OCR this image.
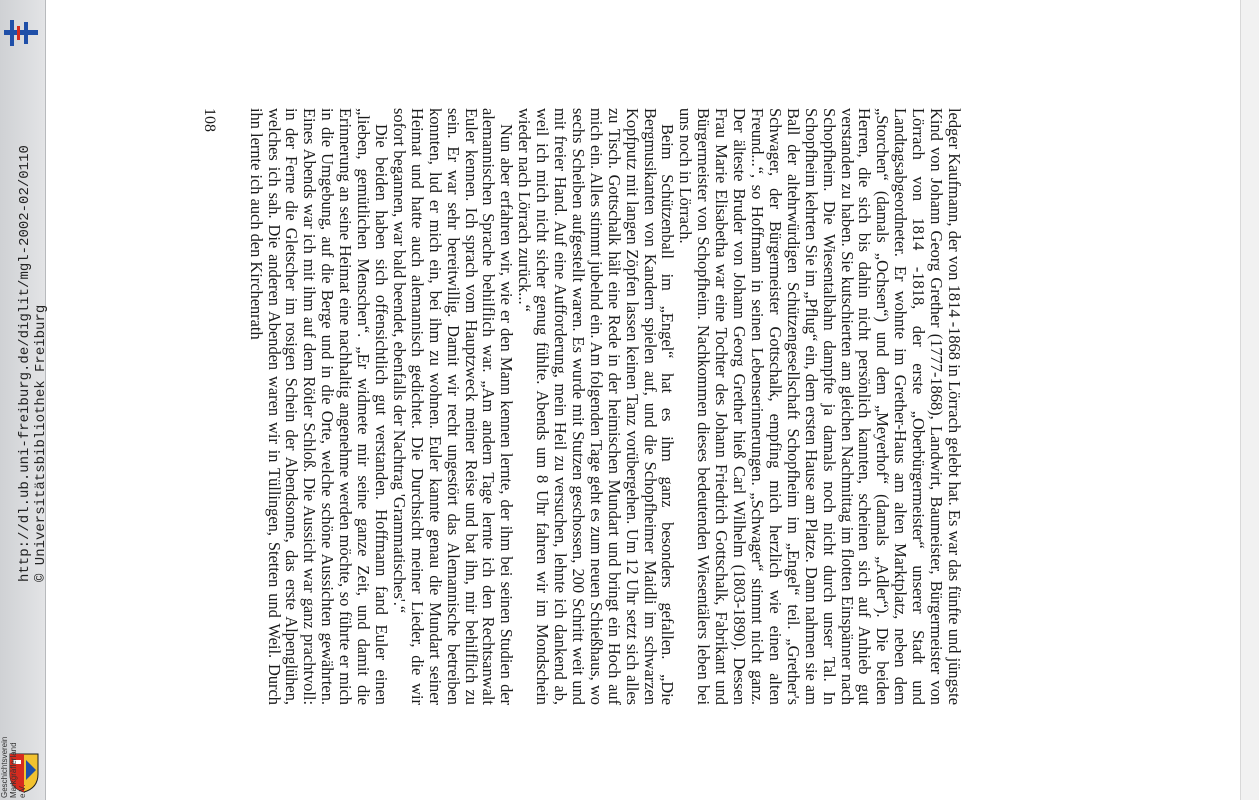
Geschichtsverein Markgräflerland e.V.
http://dl.ub.uni-freiburg.de/diglit/mgl-2002-02/0110 © Universitätsbibliothek Freiburg	ledger Kaufmann, der von 1814 -1868 in Lörrach gelebt hat. Es war das fünfte und jüngste Kind von Johann Georg Grether (1777-1868), Landwirt, Baumeister, Bürgermeister von Lörrach von 1814 -1818, der erste „Oberbürgermeister“ unserer Stadt und Landtagsabgeordneter. Er wohnte im Grether-Haus am alten Marktplatz, neben dem „Storchen“ (damals „Ochsen“) und dem „Meyerhof“ (damals „Adler“). Die beiden Herren, die sich bis dahin nicht persönlich kannten, scheinen sich auf Anhieb gut verstanden zu haben. Sie kutschierten am gleichen Nachmittag im flotten Einspänner nach Schopfheim. Die Wiesentalbahn dampfte ja damals noch nicht durch unser Tal. In Schopfheim kehrten Sie im „Pflug“ ein, dem ersten Hause am Platze. Dann nahmen sie am Ball der altehrwürdigen Schützengesellschaft Schopfheim im „Engel“ teil. „Grether's Schwager, der Bürgermeister Gottschalk, empfing mich herzlich wie einen alten Freund...“, so Hoffmann in seinen Lebenserinnerungen. „Schwager“ stimmt nicht ganz. Der älteste Bruder von Johann Georg Grether hieß Carl Wilhelm (1803-1890). Dessen Frau Marie Elisabetha war eine Tochter des Johann Friedrich Gottschalk, Fabrikant und Bürgermeister von Schopfheim. Nachkommen dieses bedeutenden Wiesentälers leben bei uns noch in Lörrach.

Beim Schützenball im „Engel“ hat es ihm ganz besonders gefallen. „Die Bergmusikanten von Kandern spielen auf, und die Schopfheimer Maidli im schwarzen Kopfputz mit langen Zöpfen lassen keinen Tanz vorübergehen. Um 12 Uhr setzt sich alles zu Tisch. Gottschalk hält eine Rede in der heimischen Mundart und bringt ein Hoch auf mich ein. Alles stimmt jubelnd ein. Am folgenden Tage geht es zum neuen Schießhaus, wo sechs Scheiben aufgestellt waren. Es wurde mit Stutzen geschossen, 200 Schritt weit und mit freier Hand. Auf eine Aufforderung, mein Heil zu versuchen, lehnte ich dankend ab, weil ich mich nicht sicher genug fühlte. Abends um 8 Uhr fahren wir im Mondschein wieder nach Lörrach zurück...“

Nun aber erfahren wir, wie er den Mann kennen lernte, der ihm bei seinen Studien der alemannischen Sprache behilflich war. „Am andern Tage lernte ich den Rechtsanwalt Euler kennen. Ich sprach vom Hauptzweck meiner Reise und bat ihn, mir behilflich zu sein. Er war sehr bereitwillig. Damit wir recht ungestört das Alemannische betreiben konnten, lud er mich ein, bei ihm zu wohnen. Euler kannte genau die Mundart seiner Heimat und hatte auch alemannisch gedichtet. Die Durchsicht meiner Lieder, die wir sofort begannen, war bald beendet, ebenfalls der Nachtrag 'Grammatisches'.“

Die beiden haben sich offensichtlich gut verstanden. Hoffmann fand Euler einen „lieben, gemütlichen Menschen“. „Er widmete mir seine ganze Zeit, und damit die Erinnerung an seine Heimat eine nachhaltig angenehme werden möchte, so führte er mich in die Umgebung, auf die Berge und in die Orte, welche schöne Aussichten gewährten. Eines Abends war ich mit ihm auf dem Rötler Schloß. Die Aussicht war ganz prachtvoll: in der Ferne die Gletscher im rosigen Schein der Abendsonne, das erste Alpenglühen, welches ich sah. Die anderen Abenden waren wir in Tüllingen, Stetten und Weil. Durch ihn lernte ich auch den Kirchenrath

108
